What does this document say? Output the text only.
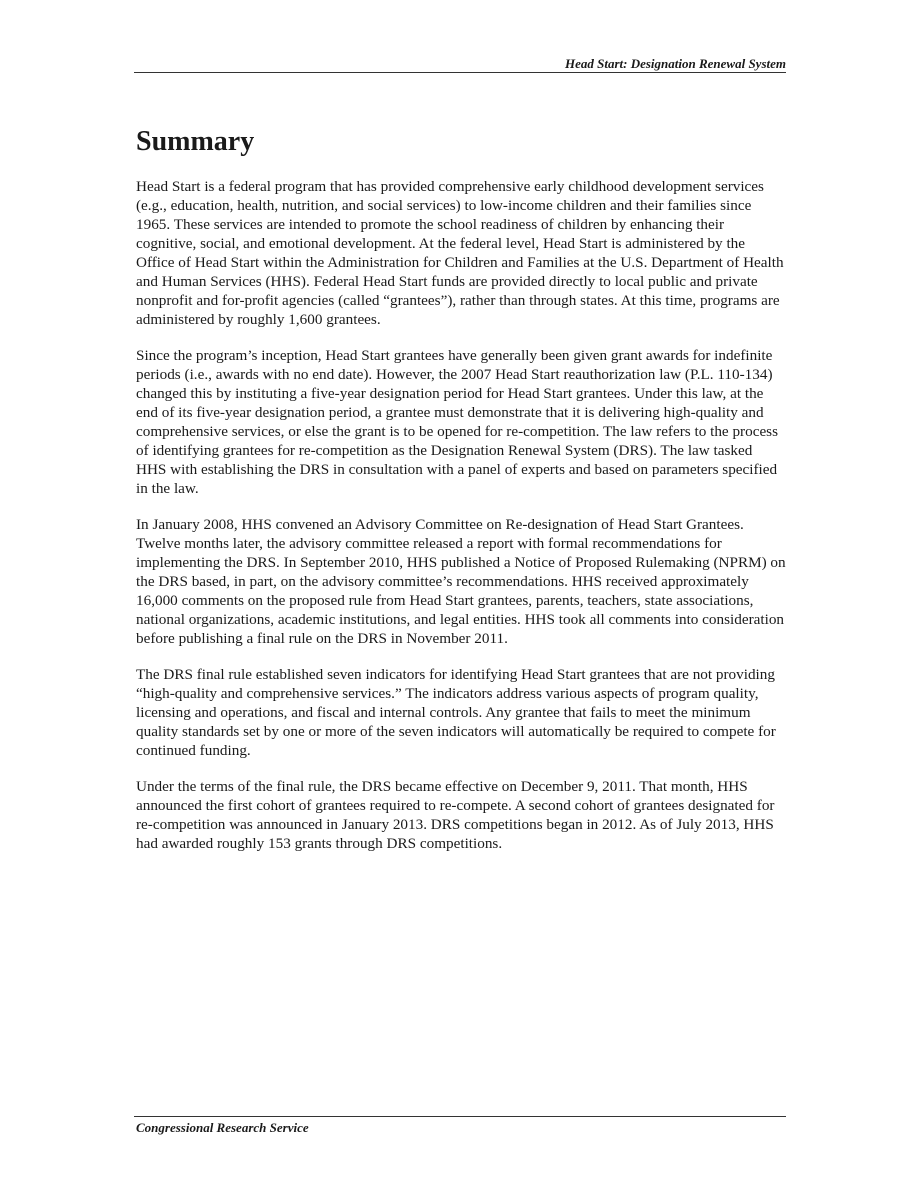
Head Start: Designation Renewal System
Summary

Head Start is a federal program that has provided comprehensive early childhood development services (e.g., education, health, nutrition, and social services) to low-income children and their families since 1965. These services are intended to promote the school readiness of children by enhancing their cognitive, social, and emotional development. At the federal level, Head Start is administered by the Office of Head Start within the Administration for Children and Families at the U.S. Department of Health and Human Services (HHS). Federal Head Start funds are provided directly to local public and private nonprofit and for-profit agencies (called “grantees”), rather than through states. At this time, programs are administered by roughly 1,600 grantees.

Since the program’s inception, Head Start grantees have generally been given grant awards for indefinite periods (i.e., awards with no end date). However, the 2007 Head Start reauthorization law (P.L. 110-134) changed this by instituting a five-year designation period for Head Start grantees. Under this law, at the end of its five-year designation period, a grantee must demonstrate that it is delivering high-quality and comprehensive services, or else the grant is to be opened for re-competition. The law refers to the process of identifying grantees for re-competition as the Designation Renewal System (DRS). The law tasked HHS with establishing the DRS in consultation with a panel of experts and based on parameters specified in the law.

In January 2008, HHS convened an Advisory Committee on Re-designation of Head Start Grantees. Twelve months later, the advisory committee released a report with formal recommendations for implementing the DRS. In September 2010, HHS published a Notice of Proposed Rulemaking (NPRM) on the DRS based, in part, on the advisory committee’s recommendations. HHS received approximately 16,000 comments on the proposed rule from Head Start grantees, parents, teachers, state associations, national organizations, academic institutions, and legal entities. HHS took all comments into consideration before publishing a final rule on the DRS in November 2011.

The DRS final rule established seven indicators for identifying Head Start grantees that are not providing “high-quality and comprehensive services.” The indicators address various aspects of program quality, licensing and operations, and fiscal and internal controls. Any grantee that fails to meet the minimum quality standards set by one or more of the seven indicators will automatically be required to compete for continued funding.

Under the terms of the final rule, the DRS became effective on December 9, 2011. That month, HHS announced the first cohort of grantees required to re-compete. A second cohort of grantees designated for re-competition was announced in January 2013. DRS competitions began in 2012. As of July 2013, HHS had awarded roughly 153 grants through DRS competitions.

Congressional Research Service
